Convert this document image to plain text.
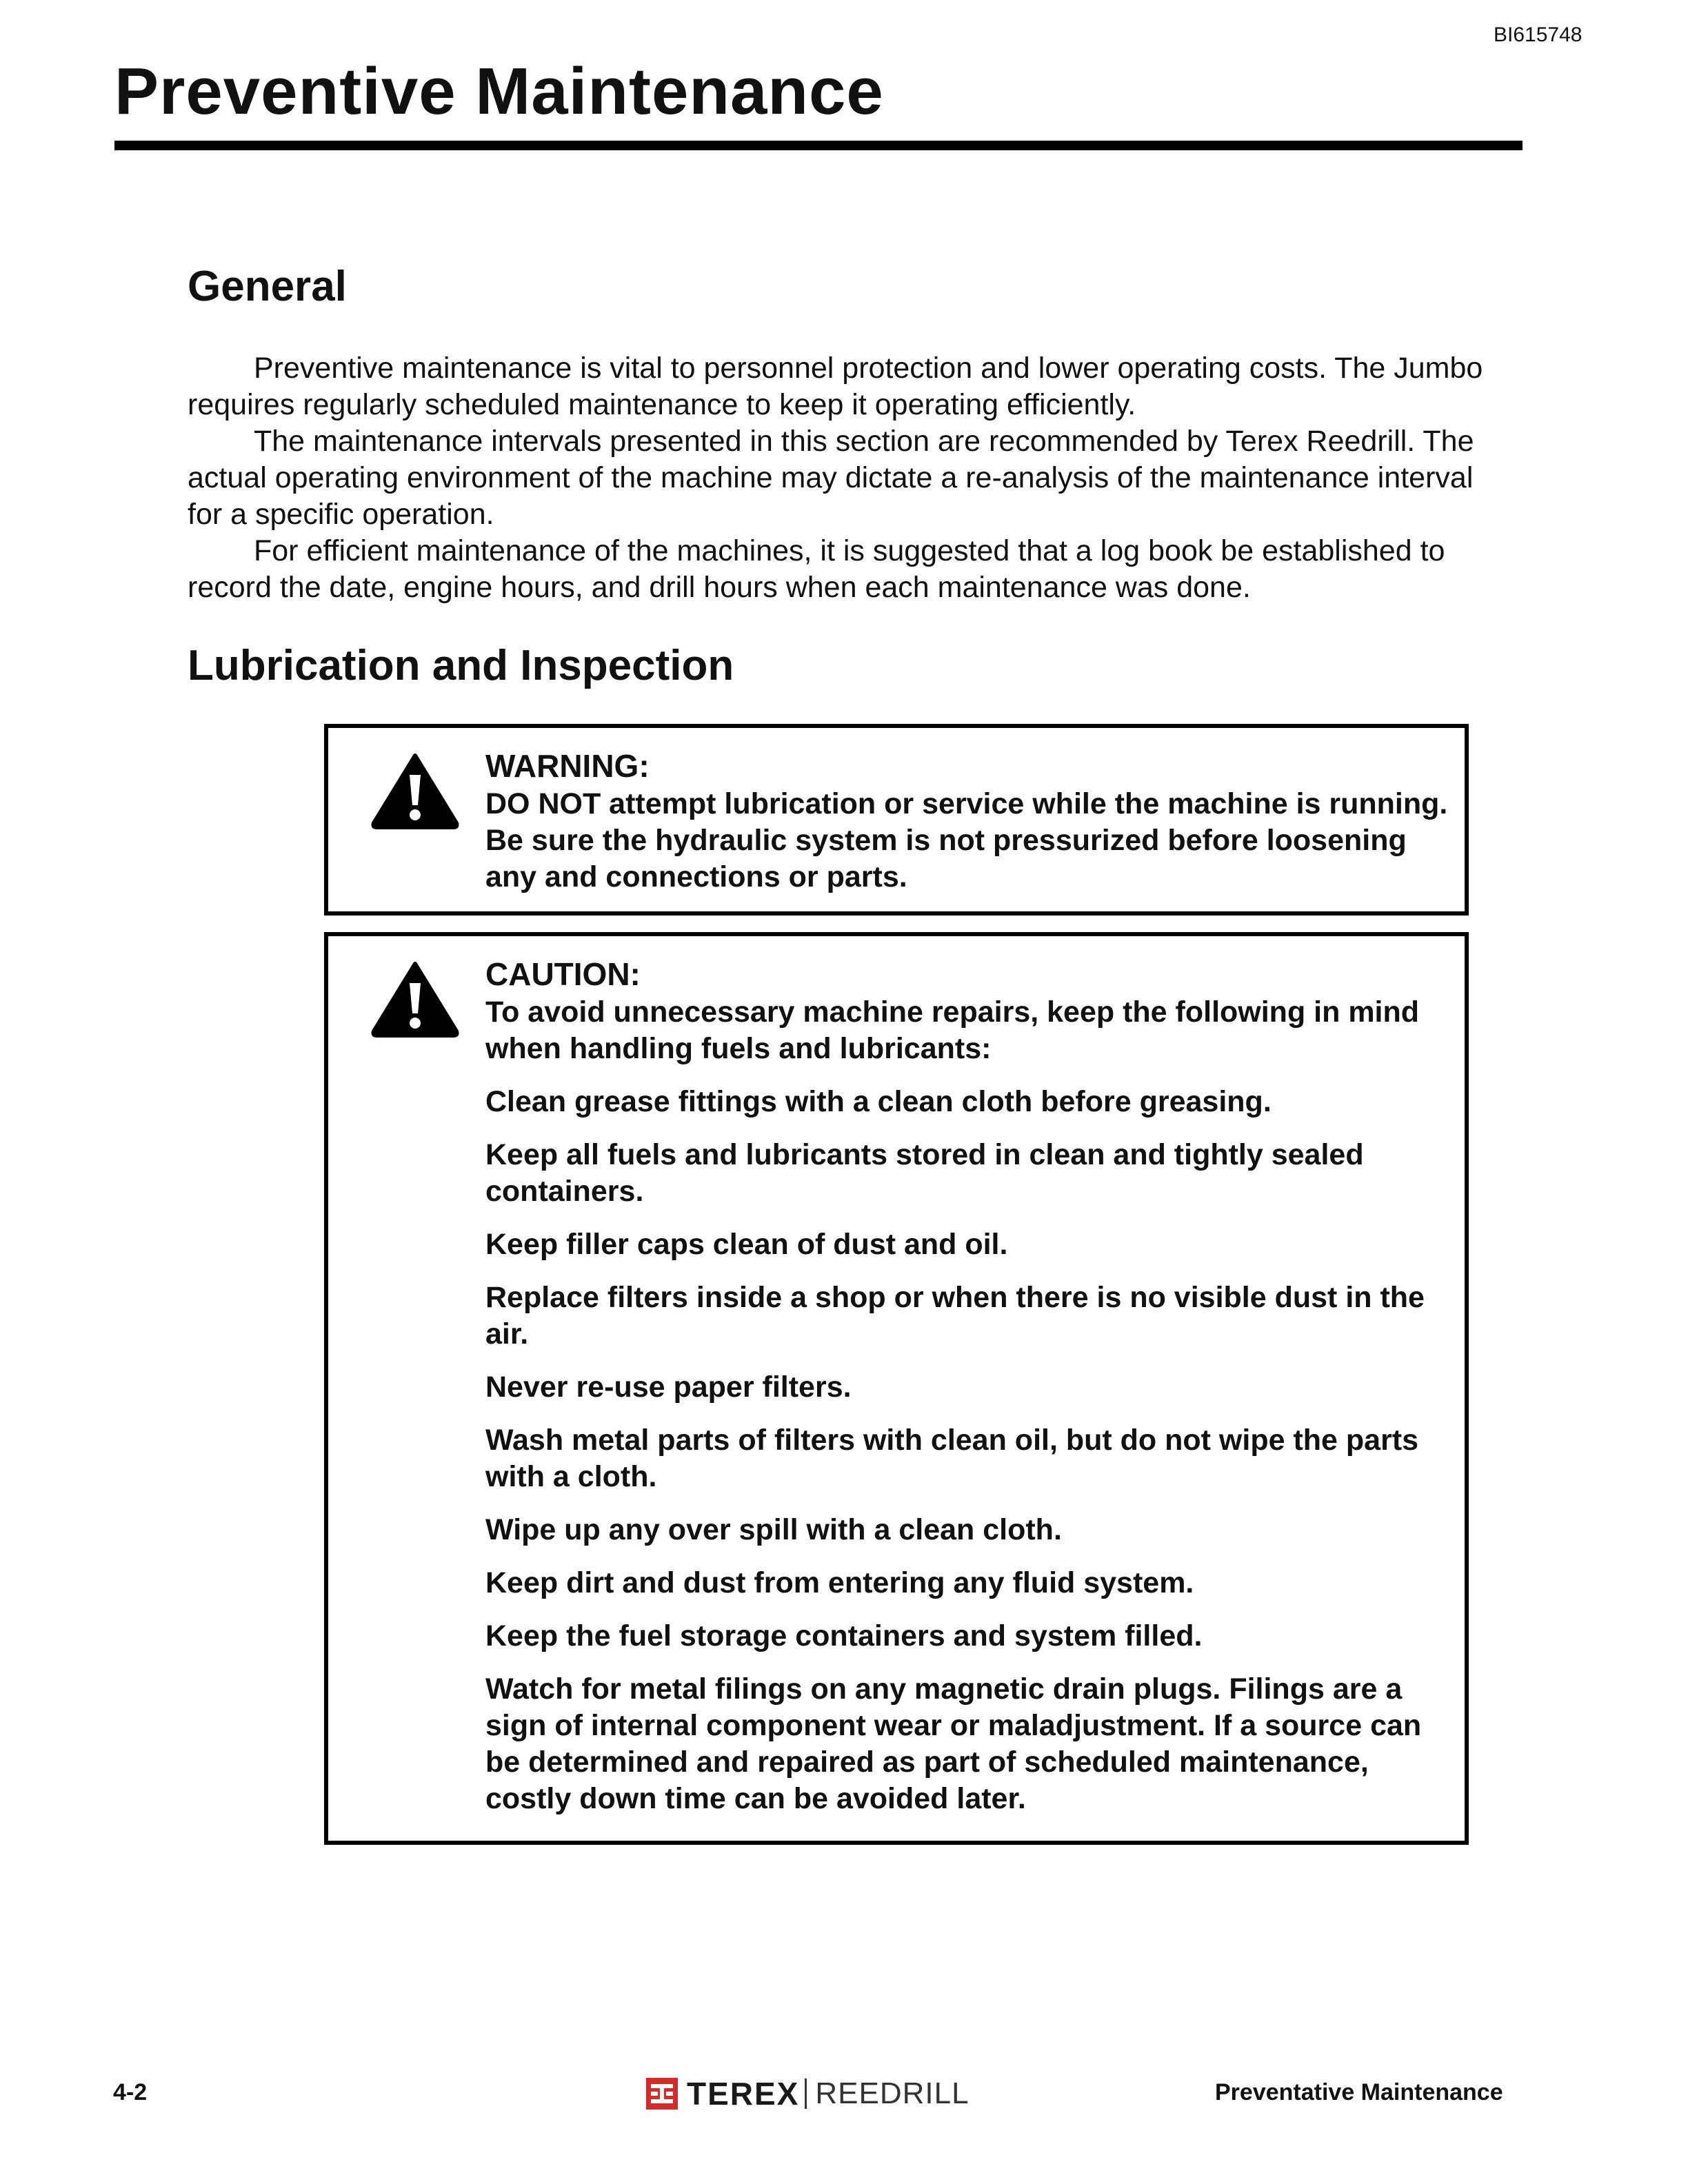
BI615748
Preventive Maintenance
General

Preventive maintenance is vital to personnel protection and lower operating costs. The Jumbo requires regularly scheduled maintenance to keep it operating efficiently.

The maintenance intervals presented in this section are recommended by Terex Reedrill. The actual operating environment of the machine may dictate a re-analysis of the maintenance interval for a specific operation.

For efficient maintenance of the machines, it is suggested that a log book be established to record the date, engine hours, and drill hours when each maintenance was done.

Lubrication and Inspection
WARNING:

DO NOT attempt lubrication or service while the machine is running. Be sure the hydraulic system is not pressurized before loosening any and connections or parts.

CAUTION:

To avoid unnecessary machine repairs, keep the following in mind when handling fuels and lubricants:

Clean grease fittings with a clean cloth before greasing.
Keep all fuels and lubricants stored in clean and tightly sealed containers.
Keep filler caps clean of dust and oil.
Replace filters inside a shop or when there is no visible dust in the air.
Never re-use paper filters.
Wash metal parts of filters with clean oil, but do not wipe the parts with a cloth.
Wipe up any over spill with a clean cloth.
Keep dirt and dust from entering any fluid system.
Keep the fuel storage containers and system filled.
Watch for metal filings on any magnetic drain plugs. Filings are a sign of internal component wear or maladjustment. If a source can be determined and repaired as part of scheduled maintenance, costly down time can be avoided later.
4-2	TEREX REEDRILL	Preventative Maintenance
